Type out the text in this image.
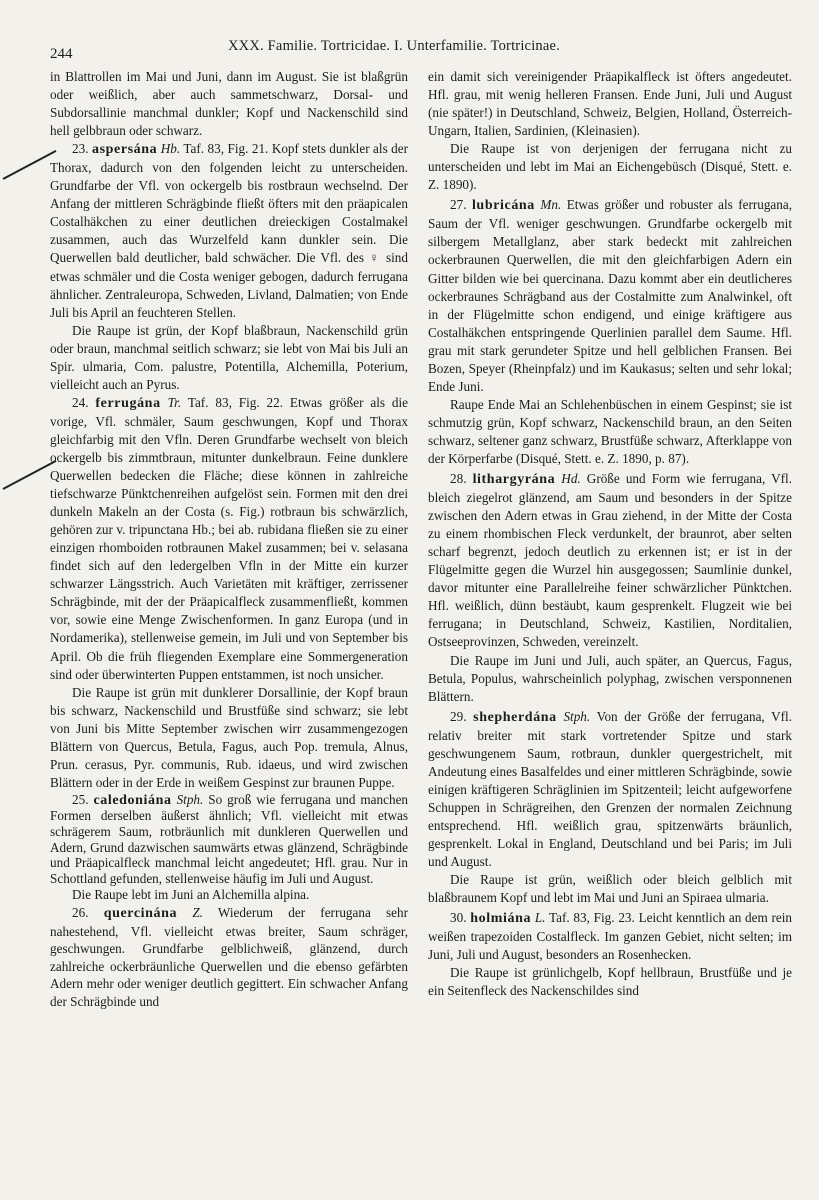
244	XXX. Familie. Tortricidae. I. Unterfamilie. Tortricinae.

in Blattrollen im Mai und Juni, dann im August. Sie ist blaßgrün oder weißlich, aber auch sammetschwarz, Dorsal- und Subdorsallinie manchmal dunkler; Kopf und Nackenschild sind hell gelbbraun oder schwarz.

23. aspersána Hb. Taf. 83, Fig. 21. Kopf stets dunkler als der Thorax, dadurch von den folgenden leicht zu unterscheiden. Grundfarbe der Vfl. von ockergelb bis rostbraun wechselnd. Der Anfang der mittleren Schrägbinde fließt öfters mit den präapicalen Costalhäkchen zu einer deutlichen dreieckigen Costalmakel zusammen, auch das Wurzelfeld kann dunkler sein. Die Querwellen bald deutlicher, bald schwächer. Die Vfl. des ♀ sind etwas schmäler und die Costa weniger gebogen, dadurch ferrugana ähnlicher. Zentraleuropa, Schweden, Livland, Dalmatien; von Ende Juli bis April an feuchteren Stellen.

Die Raupe ist grün, der Kopf blaßbraun, Nackenschild grün oder braun, manchmal seitlich schwarz; sie lebt von Mai bis Juli an Spir. ulmaria, Com. palustre, Potentilla, Alchemilla, Poterium, vielleicht auch an Pyrus.

24. ferrugána Tr. Taf. 83, Fig. 22. Etwas größer als die vorige, Vfl. schmäler, Saum geschwungen, Kopf und Thorax gleichfarbig mit den Vfln. Deren Grundfarbe wechselt von bleich ockergelb bis zimmtbraun, mitunter dunkelbraun. Feine dunklere Querwellen bedecken die Fläche; diese können in zahlreiche tiefschwarze Pünktchenreihen aufgelöst sein. Formen mit den drei dunkeln Makeln an der Costa (s. Fig.) rotbraun bis schwärzlich, gehören zur v. tripunctana Hb.; bei ab. rubidana fließen sie zu einer einzigen rhomboiden rotbraunen Makel zusammen; bei v. selasana findet sich auf den ledergelben Vfln in der Mitte ein kurzer schwarzer Längsstrich. Auch Varietäten mit kräftiger, zerrissener Schrägbinde, mit der der Präapicalfleck zusammenfließt, kommen vor, sowie eine Menge Zwischenformen. In ganz Europa (und in Nordamerika), stellenweise gemein, im Juli und von September bis April. Ob die früh fliegenden Exemplare eine Sommergeneration sind oder überwinterten Puppen entstammen, ist noch unsicher.

Die Raupe ist grün mit dunklerer Dorsallinie, der Kopf braun bis schwarz, Nackenschild und Brustfüße sind schwarz; sie lebt von Juni bis Mitte September zwischen wirr zusammengezogen Blättern von Quercus, Betula, Fagus, auch Pop. tremula, Alnus, Prun. cerasus, Pyr. communis, Rub. idaeus, und wird zwischen Blättern oder in der Erde in weißem Gespinst zur braunen Puppe.

25. caledoniána Stph. So groß wie ferrugana und manchen Formen derselben äußerst ähnlich; Vfl. vielleicht mit etwas schrägerem Saum, rotbräunlich mit dunkleren Querwellen und Adern, Grund dazwischen saumwärts etwas glänzend, Schrägbinde und Präapicalfleck manchmal leicht angedeutet; Hfl. grau. Nur in Schottland gefunden, stellenweise häufig im Juli und August.

Die Raupe lebt im Juni an Alchemilla alpina.

26. quercinána Z. Wiederum der ferrugana sehr nahestehend, Vfl. vielleicht etwas breiter, Saum schräger, geschwungen. Grundfarbe gelblichweiß, glänzend, durch zahlreiche ockerbräunliche Querwellen und die ebenso gefärbten Adern mehr oder weniger deutlich gegittert. Ein schwacher Anfang der Schrägbinde und

ein damit sich vereinigender Präapikalfleck ist öfters angedeutet. Hfl. grau, mit wenig helleren Fransen. Ende Juni, Juli und August (nie später!) in Deutschland, Schweiz, Belgien, Holland, Österreich-Ungarn, Italien, Sardinien, (Kleinasien).

Die Raupe ist von derjenigen der ferrugana nicht zu unterscheiden und lebt im Mai an Eichengebüsch (Disqué, Stett. e. Z. 1890).

27. lubricána Mn. Etwas größer und robuster als ferrugana, Saum der Vfl. weniger geschwungen. Grundfarbe ockergelb mit silbergem Metallglanz, aber stark bedeckt mit zahlreichen ockerbraunen Querwellen, die mit den gleichfarbigen Adern ein Gitter bilden wie bei quercinana. Dazu kommt aber ein deutlicheres ockerbraunes Schrägband aus der Costalmitte zum Analwinkel, oft in der Flügelmitte schon endigend, und einige kräftigere aus Costalhäkchen entspringende Querlinien parallel dem Saume. Hfl. grau mit stark gerundeter Spitze und hell gelblichen Fransen. Bei Bozen, Speyer (Rheinpfalz) und im Kaukasus; selten und sehr lokal; Ende Juni.

Raupe Ende Mai an Schlehenbüschen in einem Gespinst; sie ist schmutzig grün, Kopf schwarz, Nackenschild braun, an den Seiten schwarz, seltener ganz schwarz, Brustfüße schwarz, Afterklappe von der Körperfarbe (Disqué, Stett. e. Z. 1890, p. 87).

28. lithargyrána Hd. Größe und Form wie ferrugana, Vfl. bleich ziegelrot glänzend, am Saum und besonders in der Spitze zwischen den Adern etwas in Grau ziehend, in der Mitte der Costa zu einem rhombischen Fleck verdunkelt, der braunrot, aber selten scharf begrenzt, jedoch deutlich zu erkennen ist; er ist in der Flügelmitte gegen die Wurzel hin ausgegossen; Saumlinie dunkel, davor mitunter eine Parallelreihe feiner schwärzlicher Pünktchen. Hfl. weißlich, dünn bestäubt, kaum gesprenkelt. Flugzeit wie bei ferrugana; in Deutschland, Schweiz, Kastilien, Norditalien, Ostseeprovinzen, Schweden, vereinzelt.

Die Raupe im Juni und Juli, auch später, an Quercus, Fagus, Betula, Populus, wahrscheinlich polyphag, zwischen versponnenen Blättern.

29. shepherdána Stph. Von der Größe der ferrugana, Vfl. relativ breiter mit stark vortretender Spitze und stark geschwungenem Saum, rotbraun, dunkler quergestrichelt, mit Andeutung eines Basalfeldes und einer mittleren Schrägbinde, sowie einigen kräftigeren Schräglinien im Spitzenteil; leicht aufgeworfene Schuppen in Schrägreihen, den Grenzen der normalen Zeichnung entsprechend. Hfl. weißlich grau, spitzenwärts bräunlich, gesprenkelt. Lokal in England, Deutschland und bei Paris; im Juli und August.

Die Raupe ist grün, weißlich oder bleich gelblich mit blaßbraunem Kopf und lebt im Mai und Juni an Spiraea ulmaria.

30. holmiána L. Taf. 83, Fig. 23. Leicht kenntlich an dem rein weißen trapezoiden Costalfleck. Im ganzen Gebiet, nicht selten; im Juni, Juli und August, besonders an Rosenhecken.

Die Raupe ist grünlichgelb, Kopf hellbraun, Brustfüße und je ein Seitenfleck des Nackenschildes sind
